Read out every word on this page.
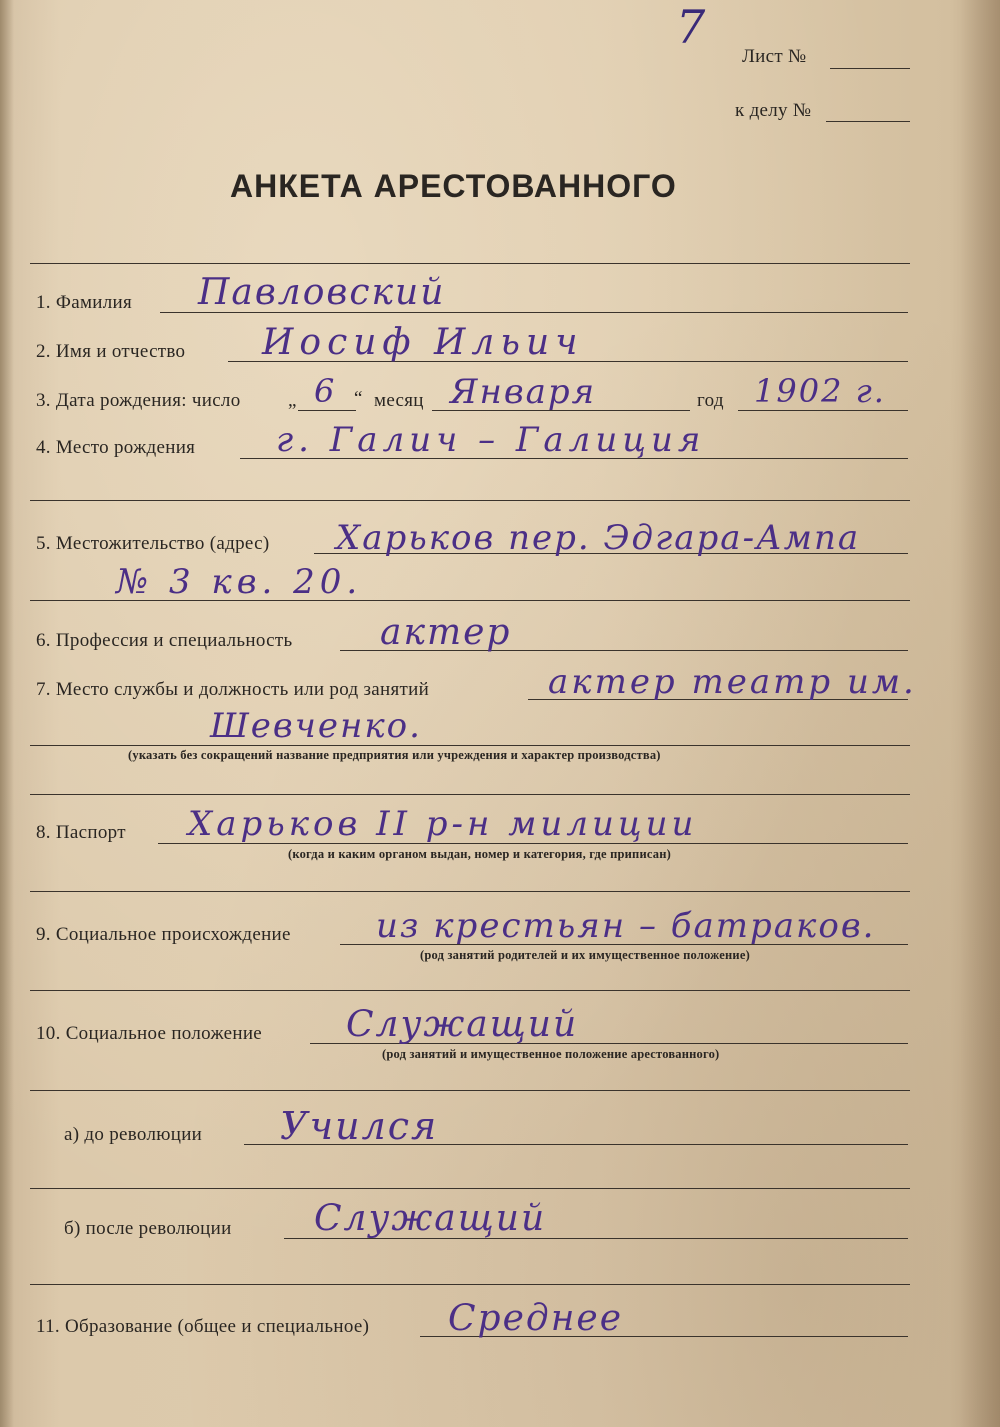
7
Лист №
к делу №
АНКЕТА АРЕСТОВАННОГО
1. Фамилия Павловский
2. Имя и отчество Иосиф Ильич
3. Дата рождения: число „ 6 “ месяц Января	год 1902 г.
4. Место рождения г. Галич – Галиция
5. Местожительство (адрес) Харьков пер. Эдгара-Ампа
№ 3 кв. 20.
6. Профессия и специальность актер
7. Место службы и должность или род занятий	актер театр им.
Шевченко.
(указать без сокращений название предприятия или учреждения и характер производства)
8. Паспорт Харьков II р-н милиции
(когда и каким органом выдан, номер и категория, где приписан)
9. Социальное происхождение	из крестьян – батраков.
(род занятий родителей и их имущественное положение)
10. Социальное положение Служащий
(род занятий и имущественное положение арестованного)
а) до революции Учился
б) после революции Служащий
11. Образование (общее и специальное) Среднее
